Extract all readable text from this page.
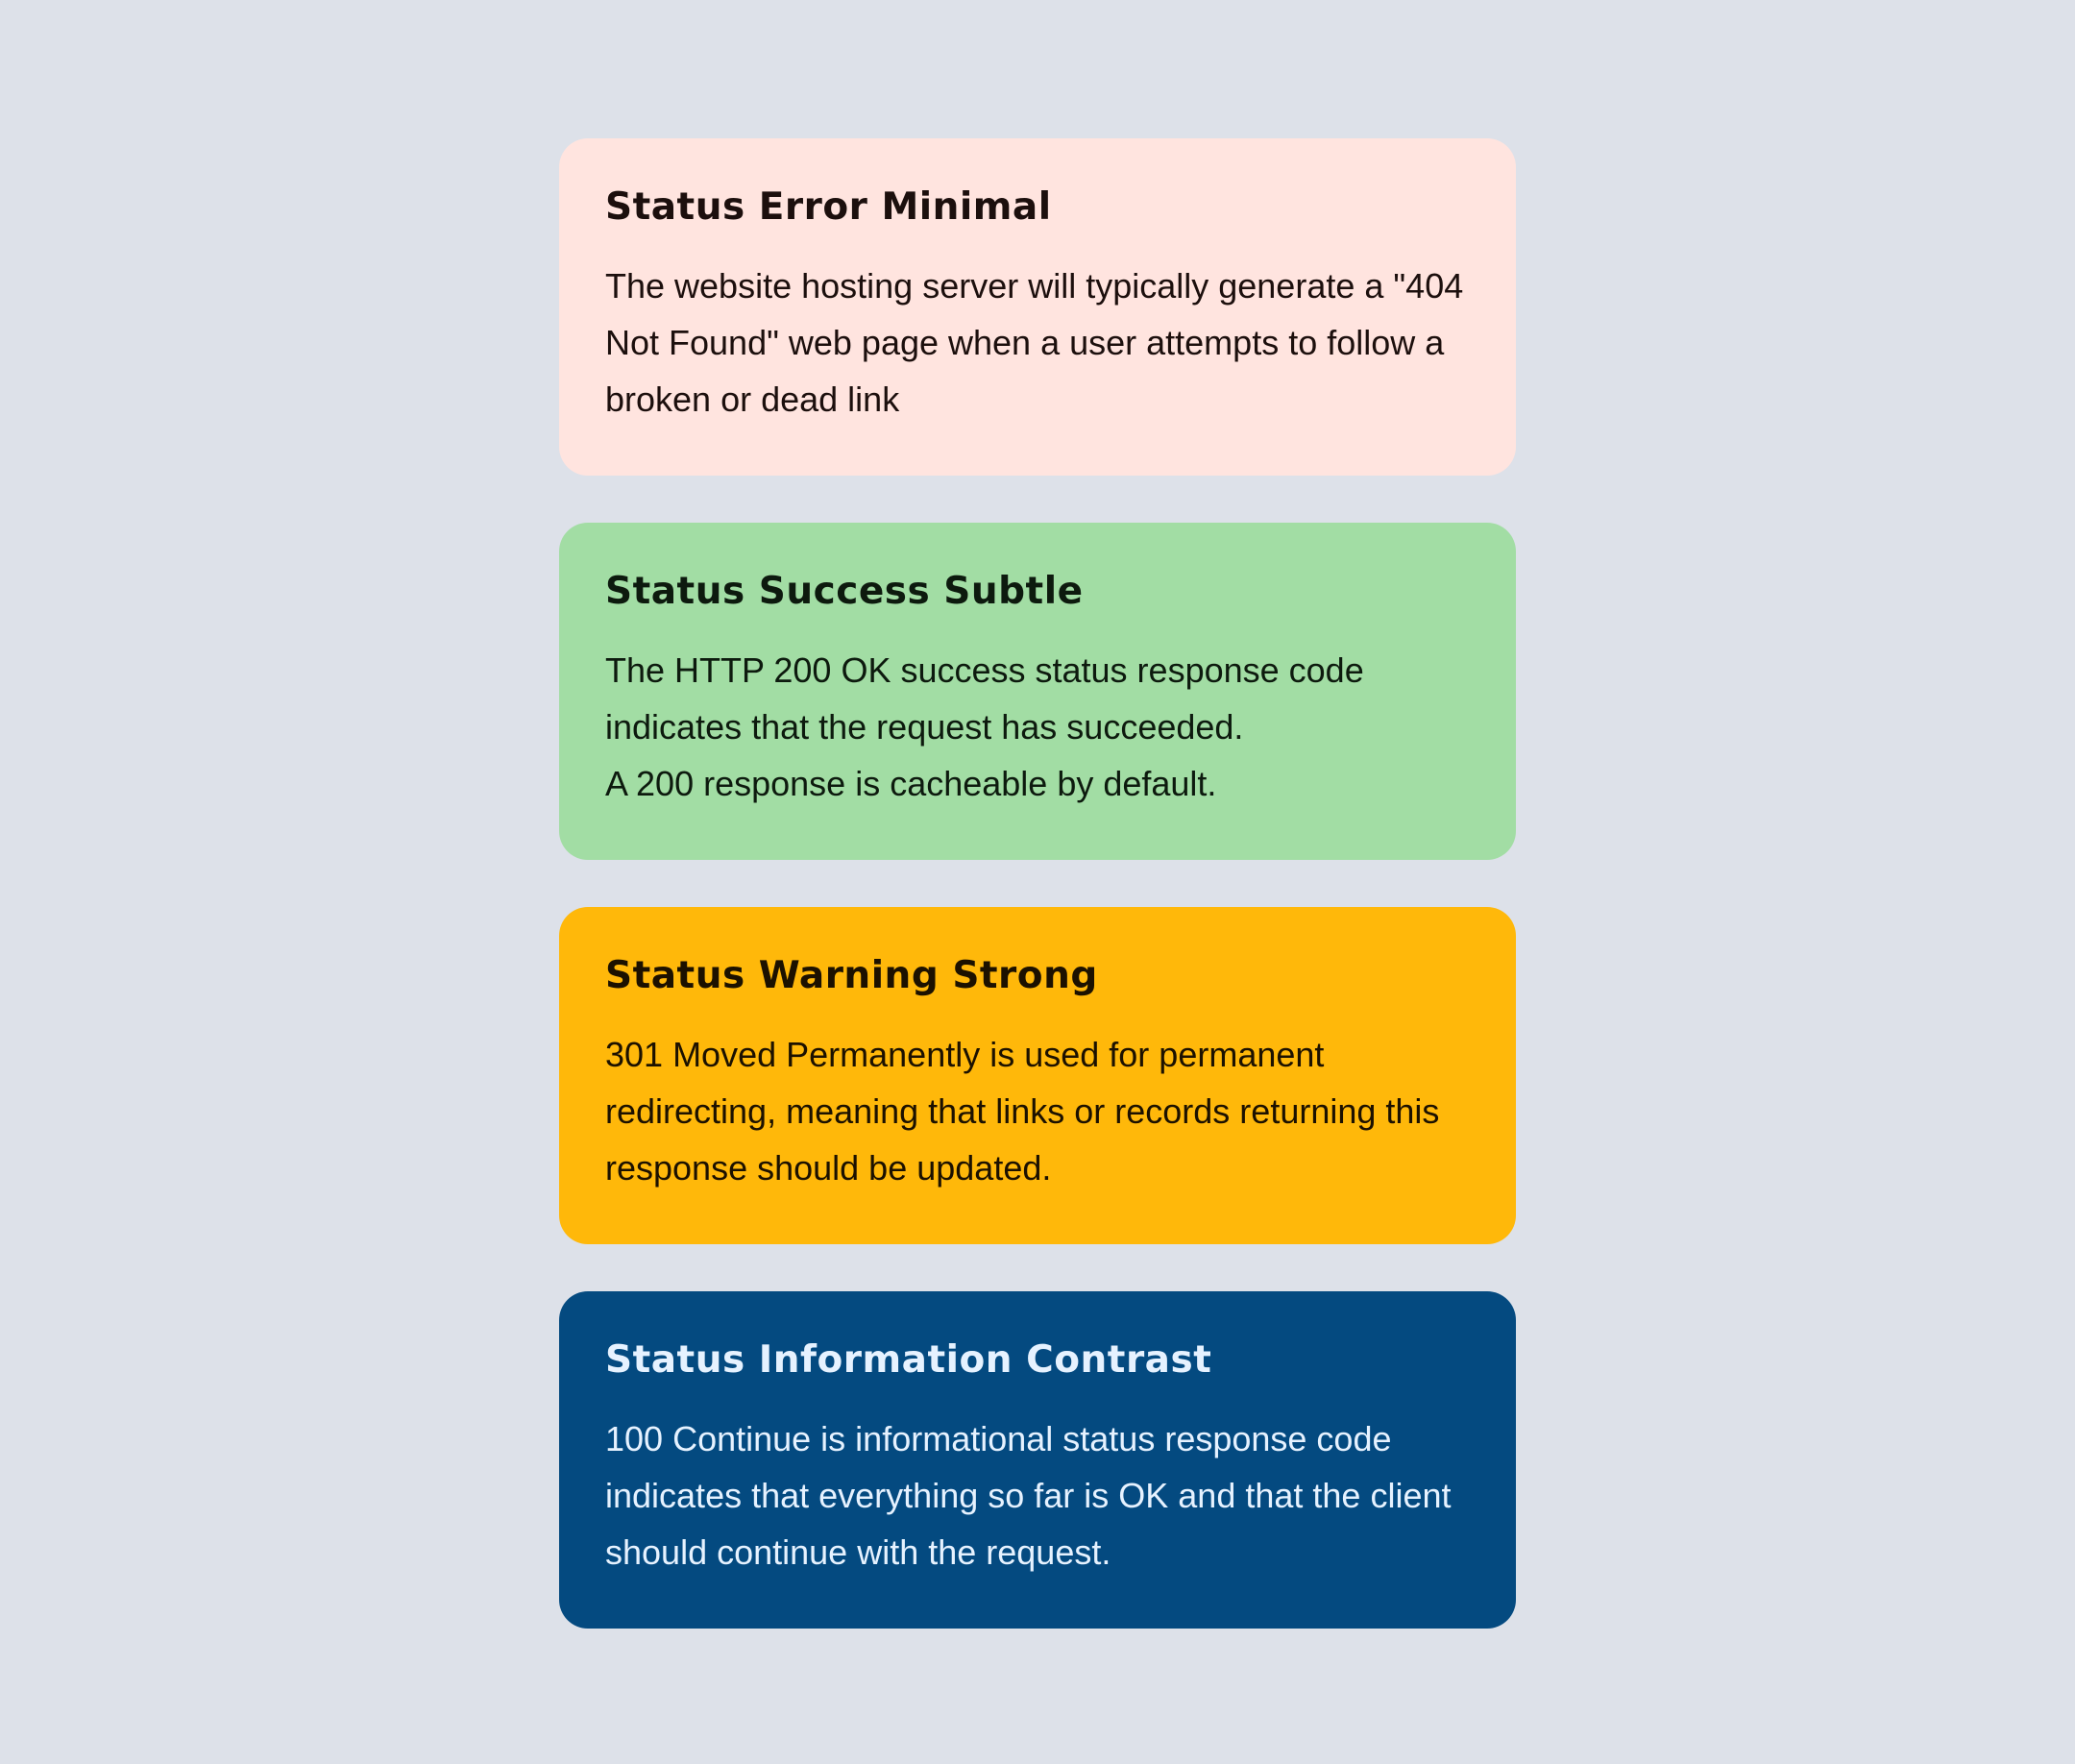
Status Error Minimal

The website hosting server will typically generate a "404 Not Found" web page when a user attempts to follow a broken or dead link

Status Success Subtle

The HTTP 200 OK success status response code indicates that the request has succeeded.
A 200 response is cacheable by default.

Status Warning Strong

301 Moved Permanently is used for permanent redirecting, meaning that links or records returning this response should be updated.

Status Information Contrast

100 Continue is informational status response code indicates that everything so far is OK and that the client should continue with the request.
